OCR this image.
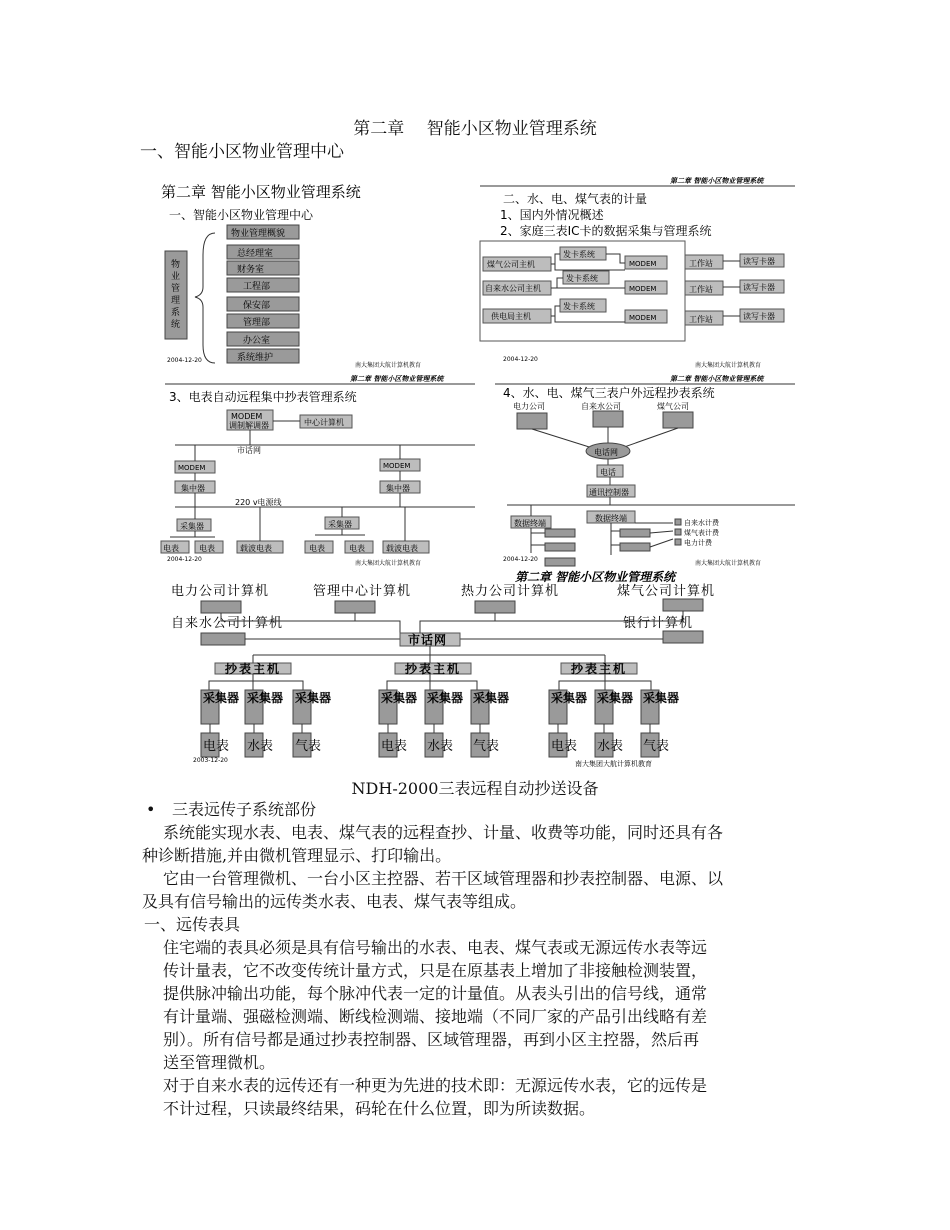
第二章　 智能小区物业管理系统
一、智能小区物业管理中心
第二章 智能小区物业管理系统
一、智能小区物业管理中心
物
业
管
理
系
统
物业管理概貌
总经理室
财务室
工程部
保安部
管理部
办公室
系统维护
2004-12-20
南大集团大航计算机教育
第二章 智能小区物业管理系统
二、水、电、煤气表的计量
1、国内外情况概述
2、家庭三表IC卡的数据采集与管理系统
煤气公司主机
发卡系统
MODEM
自来水公司主机
发卡系统
MODEM
供电局主机
发卡系统
MODEM
工作站	读写卡器
工作站	读写卡器
工作站	读写卡器
2004-12-20
南大集团大航计算机教育
第二章 智能小区物业管理系统
3、电表自动远程集中抄表管理系统
MODEM
调制解调器	中心计算机
市话网
MODEM	MODEM
集中器	集中器
220 v电源线
采集器
电表	电表	载波电表
采集器
电表	电表	载波电表
2004-12-20
南大集团大航计算机教育
第二章 智能小区物业管理系统
4、水、电、煤气三表户外远程抄表系统
电力公司	自来水公司	煤气公司
电话网
电话
通讯控制器
数据终端
数据终端	自来水计费
煤气表计费
电力计费
2004-12-20
南大集团大航计算机教育
第二章 智能小区物业管理系统
电力公司计算机	管理中心计算机	热力公司计算机	煤气公司计算机
自来水公司计算机	银行计算机
市话网
抄表主机	抄表主机	抄表主机
采集器 采集器 采集器	采集器 采集器 采集器	采集器 采集器 采集器
电表 水表 气表	电表 水表 气表	电表 水表 气表
2003-12-20	南大集团大航计算机教育
NDH-2000三表远程自动抄送设备
• 三表远传子系统部份
系统能实现水表、电表、煤气表的远程查抄、计量、收费等功能，同时还具有各
种诊断措施,并由微机管理显示、打印输出。
它由一台管理微机、一台小区主控器、若干区域管理器和抄表控制器、电源、以
及具有信号输出的远传类水表、电表、煤气表等组成。
一、远传表具
住宅端的表具必须是具有信号输出的水表、电表、煤气表或无源远传水表等远
传计量表，它不改变传统计量方式，只是在原基表上增加了非接触检测装置，
提供脉冲输出功能，每个脉冲代表一定的计量值。从表头引出的信号线，通常
有计量端、强磁检测端、断线检测端、接地端（不同厂家的产品引出线略有差
别）。所有信号都是通过抄表控制器、区域管理器，再到小区主控器，然后再
送至管理微机。
对于自来水表的远传还有一种更为先进的技术即：无源远传水表，它的远传是
不计过程，只读最终结果，码轮在什么位置，即为所读数据。
